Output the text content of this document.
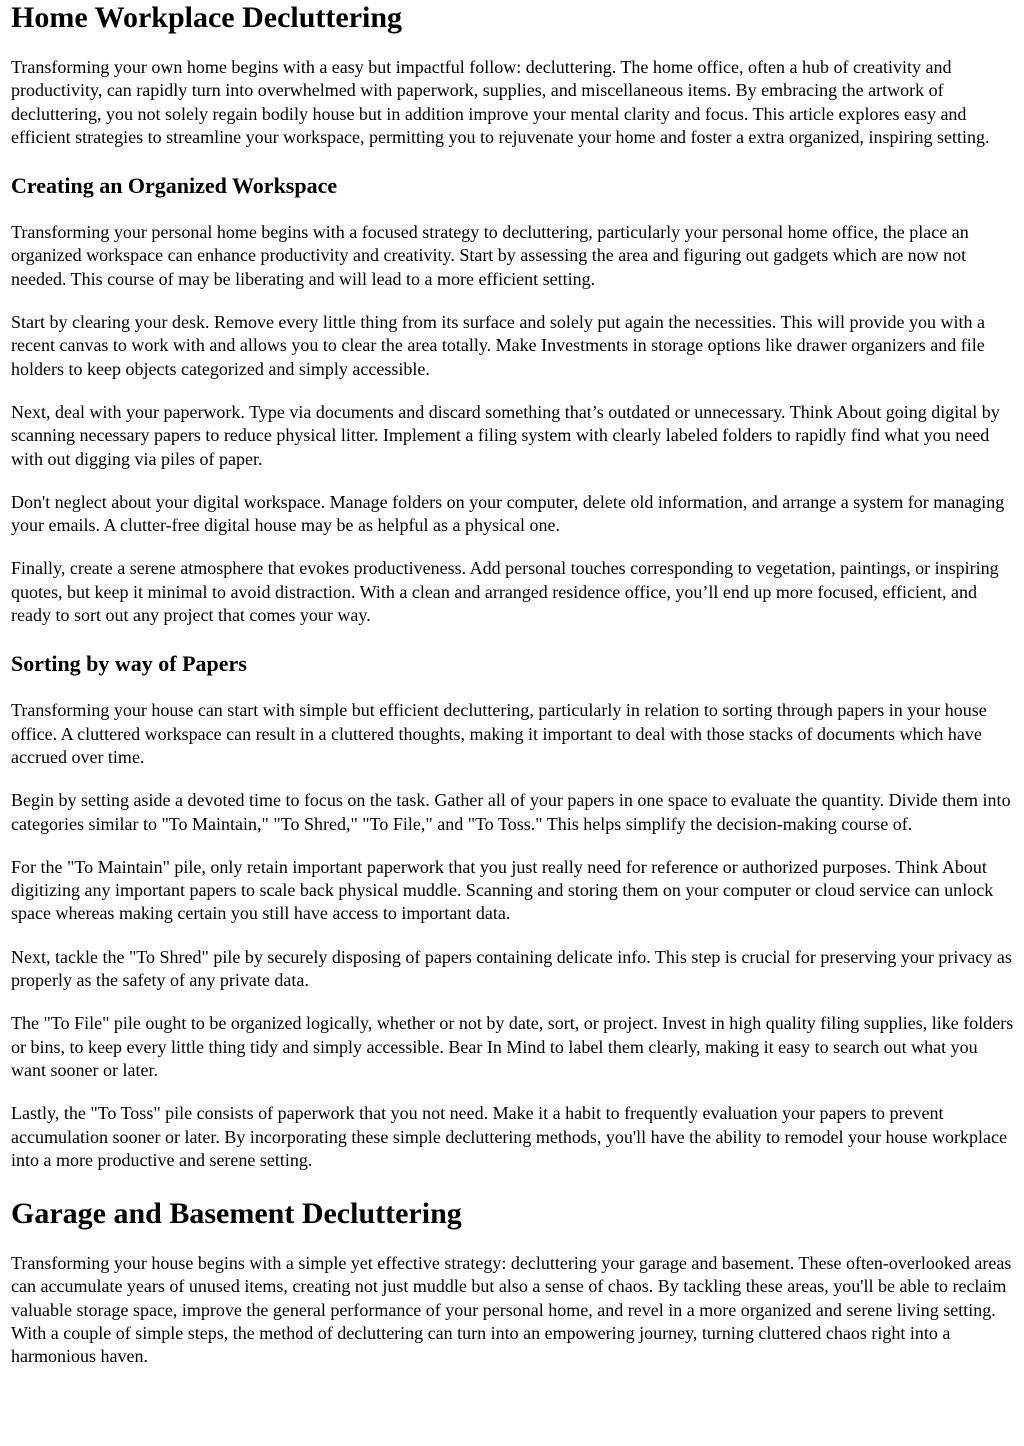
Home Workplace Decluttering

Transforming your own home begins with a easy but impactful follow: decluttering. The home office, often a hub of creativity and productivity, can rapidly turn into overwhelmed with paperwork, supplies, and miscellaneous items. By embracing the artwork of decluttering, you not solely regain bodily house but in addition improve your mental clarity and focus. This article explores easy and efficient strategies to streamline your workspace, permitting you to rejuvenate your home and foster a extra organized, inspiring setting.

Creating an Organized Workspace

Transforming your personal home begins with a focused strategy to decluttering, particularly your personal home office, the place an organized workspace can enhance productivity and creativity. Start by assessing the area and figuring out gadgets which are now not needed. This course of may be liberating and will lead to a more efficient setting.

Start by clearing your desk. Remove every little thing from its surface and solely put again the necessities. This will provide you with a recent canvas to work with and allows you to clear the area totally. Make Investments in storage options like drawer organizers and file holders to keep objects categorized and simply accessible.

Next, deal with your paperwork. Type via documents and discard something that’s outdated or unnecessary. Think About going digital by scanning necessary papers to reduce physical litter. Implement a filing system with clearly labeled folders to rapidly find what you need with out digging via piles of paper.

Don't neglect about your digital workspace. Manage folders on your computer, delete old information, and arrange a system for managing your emails. A clutter-free digital house may be as helpful as a physical one.

Finally, create a serene atmosphere that evokes productiveness. Add personal touches corresponding to vegetation, paintings, or inspiring quotes, but keep it minimal to avoid distraction. With a clean and arranged residence office, you’ll end up more focused, efficient, and ready to sort out any project that comes your way.

Sorting by way of Papers

Transforming your house can start with simple but efficient decluttering, particularly in relation to sorting through papers in your house office. A cluttered workspace can result in a cluttered thoughts, making it important to deal with those stacks of documents which have accrued over time.

Begin by setting aside a devoted time to focus on the task. Gather all of your papers in one space to evaluate the quantity. Divide them into categories similar to "To Maintain," "To Shred," "To File," and "To Toss." This helps simplify the decision-making course of.

For the "To Maintain" pile, only retain important paperwork that you just really need for reference or authorized purposes. Think About digitizing any important papers to scale back physical muddle. Scanning and storing them on your computer or cloud service can unlock space whereas making certain you still have access to important data.

Next, tackle the "To Shred" pile by securely disposing of papers containing delicate info. This step is crucial for preserving your privacy as properly as the safety of any private data.

The "To File" pile ought to be organized logically, whether or not by date, sort, or project. Invest in high quality filing supplies, like folders or bins, to keep every little thing tidy and simply accessible. Bear In Mind to label them clearly, making it easy to search out what you want sooner or later.

Lastly, the "To Toss" pile consists of paperwork that you not need. Make it a habit to frequently evaluation your papers to prevent accumulation sooner or later. By incorporating these simple decluttering methods, you'll have the ability to remodel your house workplace into a more productive and serene setting.

Garage and Basement Decluttering

Transforming your house begins with a simple yet effective strategy: decluttering your garage and basement. These often-overlooked areas can accumulate years of unused items, creating not just muddle but also a sense of chaos. By tackling these areas, you'll be able to reclaim valuable storage space, improve the general performance of your personal home, and revel in a more organized and serene living setting. With a couple of simple steps, the method of decluttering can turn into an empowering journey, turning cluttered chaos right into a harmonious haven.
